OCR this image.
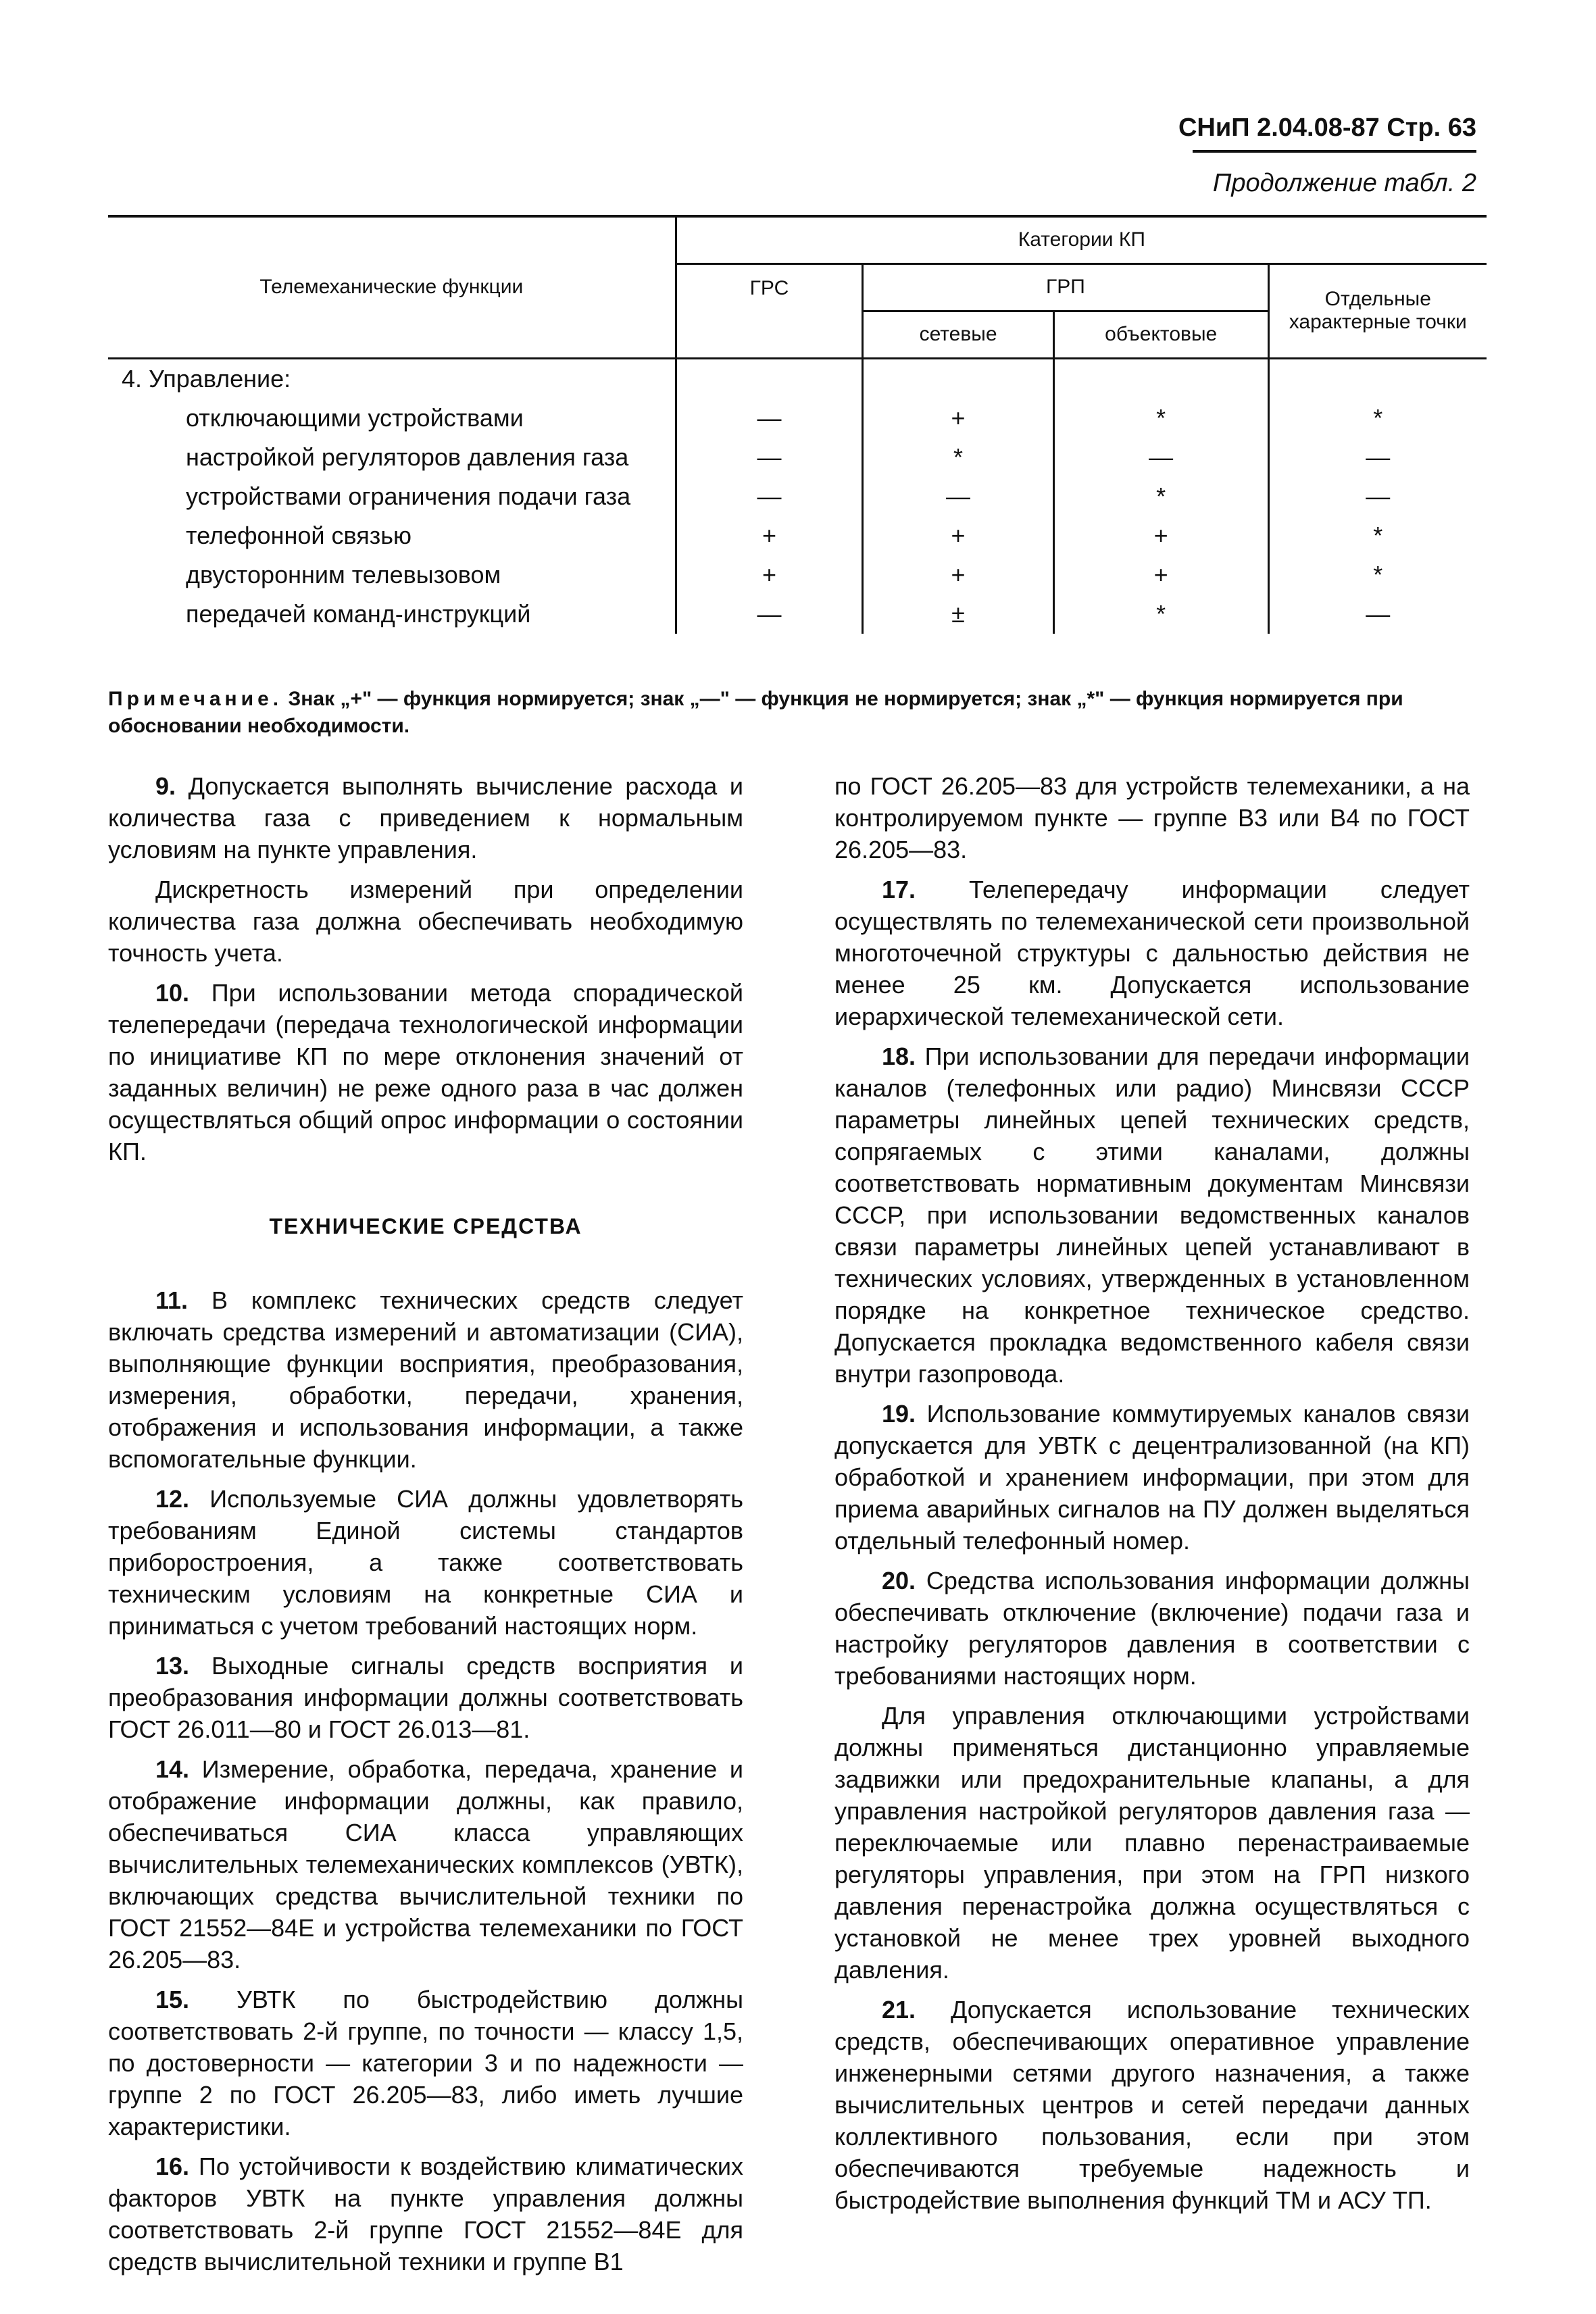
СНиП 2.04.08-87 Стр. 63
Продолжение табл. 2
Телемеханические функции	Категории КП			
	ГРС	ГРП		Отдельные характерные точки
		сетевые	объектовые	
4. Управление:				
отключающими устройствами	—	+	*	*
настройкой регуляторов давления газа	—	*	—	—
устройствами ограничения подачи газа	—	—	*	—
телефонной связью	+	+	+	*
двусторонним телевызовом	+	+	+	*
передачей команд-инструкций	—	±	*	—
Примечание. Знак „+" — функция нормируется; знак „—" — функция не нормируется; знак „*" — функция нормируется при обосновании необходимости.

9. Допускается выполнять вычисление расхода и количества газа с приведением к нормальным условиям на пункте управления.

Дискретность измерений при определении количества газа должна обеспечивать необходимую точность учета.

10. При использовании метода спорадической телепередачи (передача технологической информации по инициативе КП по мере отклонения значений от заданных величин) не реже одного раза в час должен осуществляться общий опрос информации о состоянии КП.

ТЕХНИЧЕСКИЕ СРЕДСТВА

11. В комплекс технических средств следует включать средства измерений и автоматизации (СИА), выполняющие функции восприятия, преобразования, измерения, обработки, передачи, хранения, отображения и использования информации, а также вспомогательные функции.

12. Используемые СИА должны удовлетворять требованиям Единой системы стандартов приборостроения, а также соответствовать техническим условиям на конкретные СИА и приниматься с учетом требований настоящих норм.

13. Выходные сигналы средств восприятия и преобразования информации должны соответствовать ГОСТ 26.011—80 и ГОСТ 26.013—81.

14. Измерение, обработка, передача, хранение и отображение информации должны, как правило, обеспечиваться СИА класса управляющих вычислительных телемеханических комплексов (УВТК), включающих средства вычислительной техники по ГОСТ 21552—84Е и устройства телемеханики по ГОСТ 26.205—83.

15. УВТК по быстродействию должны соответствовать 2-й группе, по точности — классу 1,5, по достоверности — категории 3 и по надежности — группе 2 по ГОСТ 26.205—83, либо иметь лучшие характеристики.

16. По устойчивости к воздействию климатических факторов УВТК на пункте управления должны соответствовать 2-й группе ГОСТ 21552—84Е для средств вычислительной техники и группе В1

по ГОСТ 26.205—83 для устройств телемеханики, а на контролируемом пункте — группе В3 или В4 по ГОСТ 26.205—83.

17. Телепередачу информации следует осуществлять по телемеханической сети произвольной многоточечной структуры с дальностью действия не менее 25 км. Допускается использование иерархической телемеханической сети.

18. При использовании для передачи информации каналов (телефонных или радио) Минсвязи СССР параметры линейных цепей технических средств, сопрягаемых с этими каналами, должны соответствовать нормативным документам Минсвязи СССР, при использовании ведомственных каналов связи параметры линейных цепей устанавливают в технических условиях, утвержденных в установленном порядке на конкретное техническое средство. Допускается прокладка ведомственного кабеля связи внутри газопровода.

19. Использование коммутируемых каналов связи допускается для УВТК с децентрализованной (на КП) обработкой и хранением информации, при этом для приема аварийных сигналов на ПУ должен выделяться отдельный телефонный номер.

20. Средства использования информации должны обеспечивать отключение (включение) подачи газа и настройку регуляторов давления в соответствии с требованиями настоящих норм.

Для управления отключающими устройствами должны применяться дистанционно управляемые задвижки или предохранительные клапаны, а для управления настройкой регуляторов давления газа — переключаемые или плавно перенастраиваемые регуляторы управления, при этом на ГРП низкого давления перенастройка должна осуществляться с установкой не менее трех уровней выходного давления.

21. Допускается использование технических средств, обеспечивающих оперативное управление инженерными сетями другого назначения, а также вычислительных центров и сетей передачи данных коллективного пользования, если при этом обеспечиваются требуемые надежность и быстродействие выполнения функций ТМ и АСУ ТП.
